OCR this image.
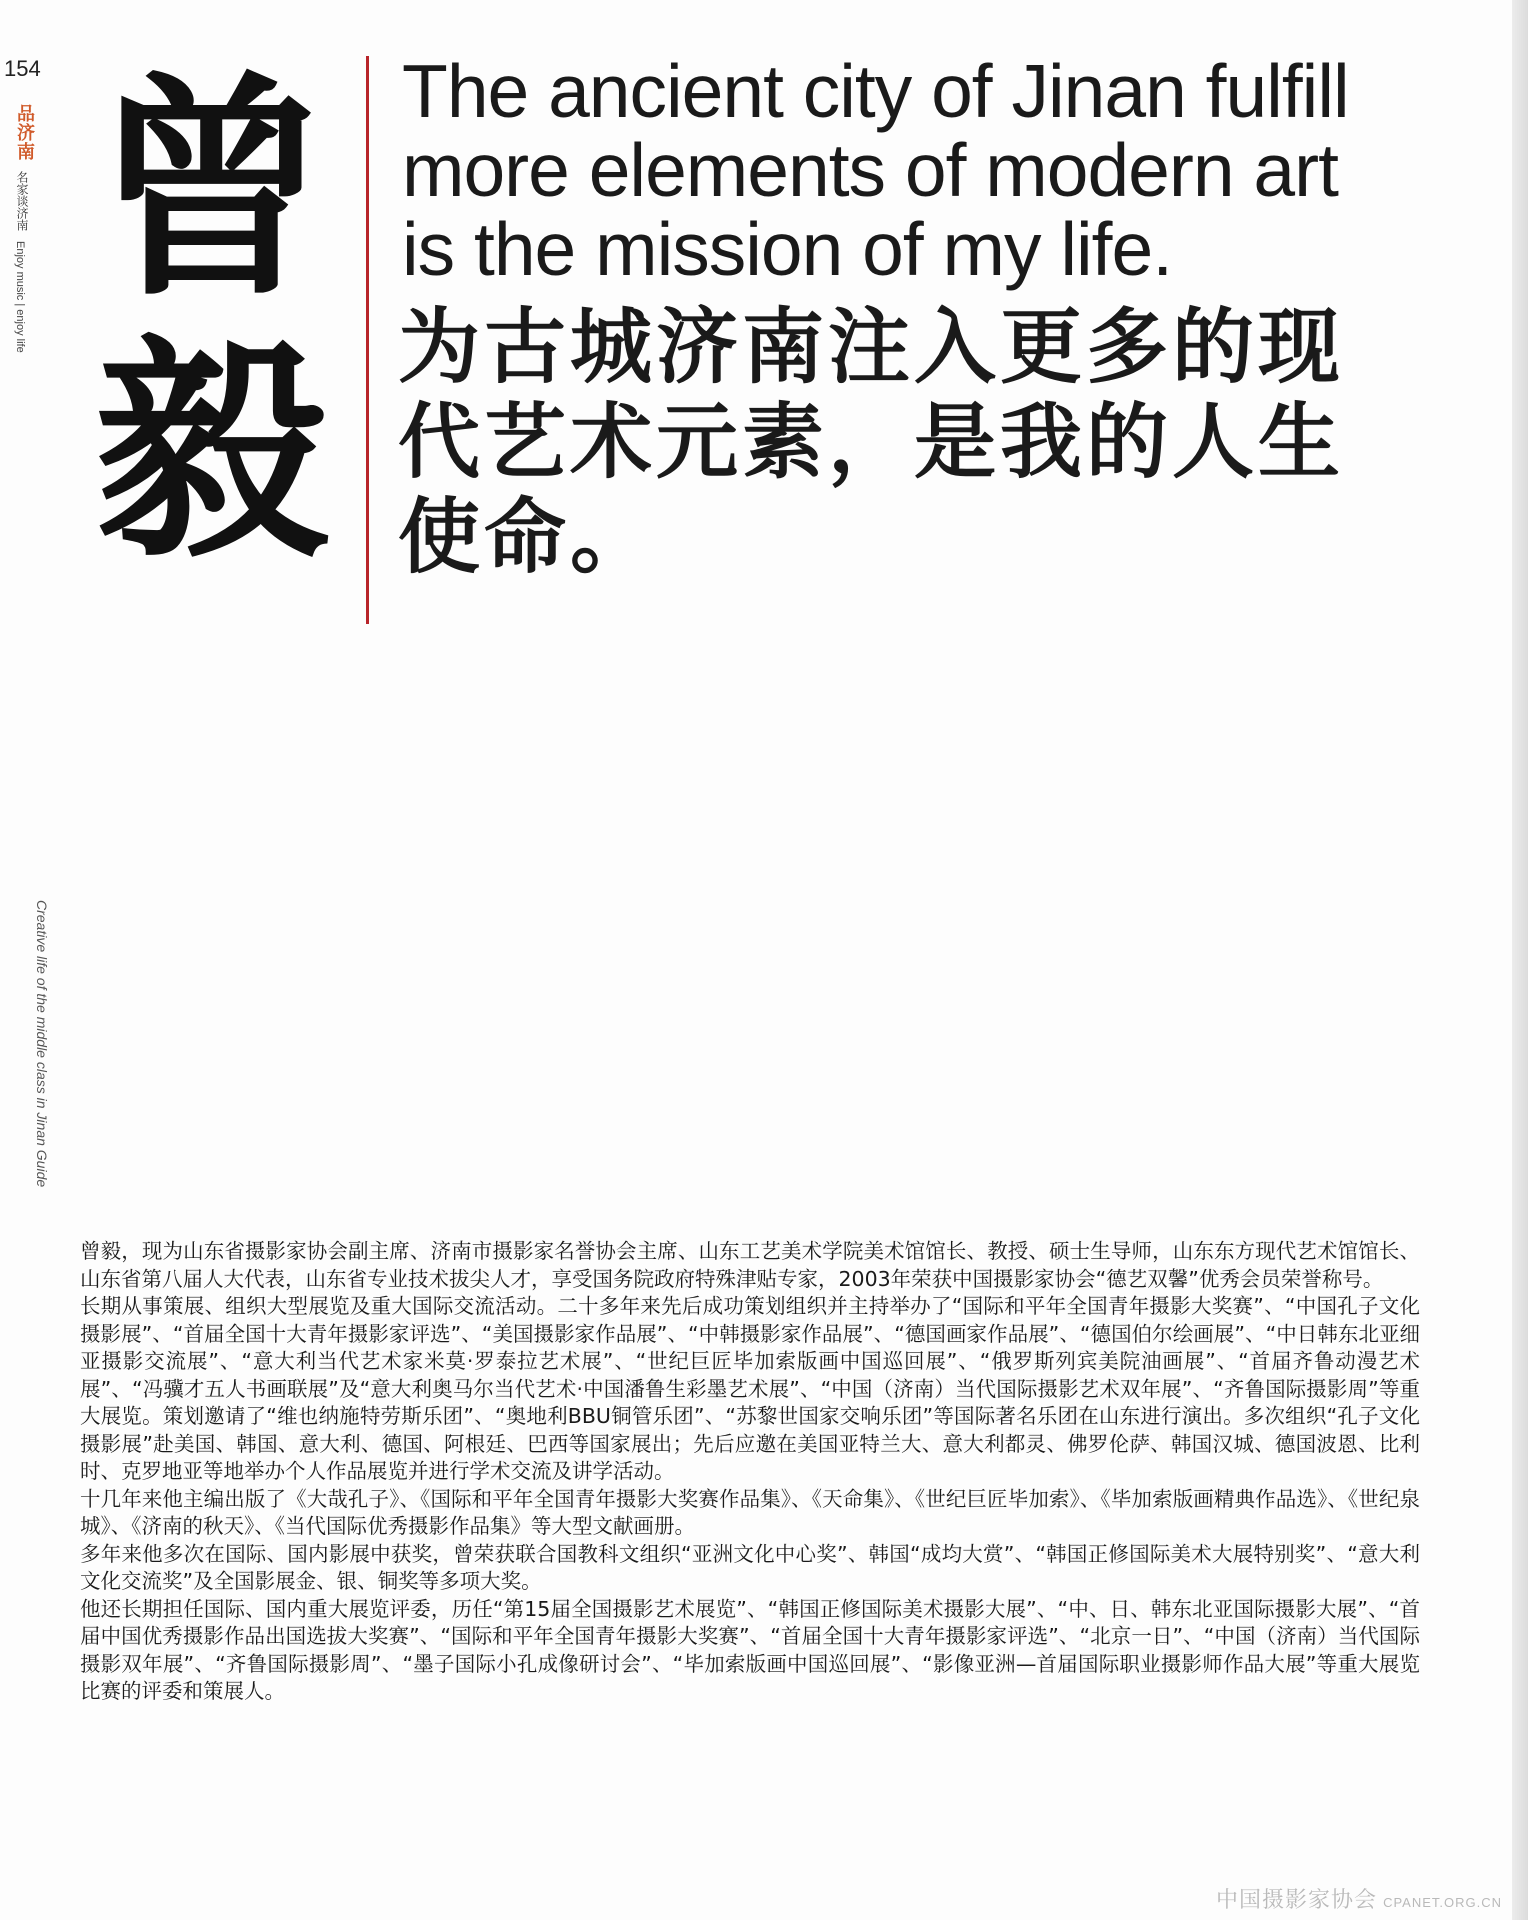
154
品济南
名家谈济南
Enjoy music | enjoy life
Creative life of the middle class in Jinan Guide
曾
毅

The ancient city of Jinan fulfill more elements of modern art is the mission of my life.

为古城济南注入更多的现代艺术元素，是我的人生使命。

曾毅，现为山东省摄影家协会副主席、济南市摄影家名誉协会主席、山东工艺美术学院美术馆馆长、教授、硕士生导师，山东东方现代艺术馆馆长、山东省第八届人大代表，山东省专业技术拔尖人才，享受国务院政府特殊津贴专家，2003年荣获中国摄影家协会“德艺双馨”优秀会员荣誉称号。

长期从事策展、组织大型展览及重大国际交流活动。二十多年来先后成功策划组织并主持举办了“国际和平年全国青年摄影大奖赛”、“中国孔子文化摄影展”、“首届全国十大青年摄影家评选”、“美国摄影家作品展”、“中韩摄影家作品展”、“德国画家作品展”、“德国伯尔绘画展”、“中日韩东北亚细亚摄影交流展”、“意大利当代艺术家米莫·罗泰拉艺术展”、“世纪巨匠毕加索版画中国巡回展”、“俄罗斯列宾美院油画展”、“首届齐鲁动漫艺术展”、“冯骥才五人书画联展”及“意大利奥马尔当代艺术·中国潘鲁生彩墨艺术展”、“中国（济南）当代国际摄影艺术双年展”、“齐鲁国际摄影周”等重大展览。策划邀请了“维也纳施特劳斯乐团”、“奥地利BBU铜管乐团”、“苏黎世国家交响乐团”等国际著名乐团在山东进行演出。多次组织“孔子文化摄影展”赴美国、韩国、意大利、德国、阿根廷、巴西等国家展出；先后应邀在美国亚特兰大、意大利都灵、佛罗伦萨、韩国汉城、德国波恩、比利时、克罗地亚等地举办个人作品展览并进行学术交流及讲学活动。

十几年来他主编出版了《大哉孔子》、《国际和平年全国青年摄影大奖赛作品集》、《天命集》、《世纪巨匠毕加索》、《毕加索版画精典作品选》、《世纪泉城》、《济南的秋天》、《当代国际优秀摄影作品集》等大型文献画册。

多年来他多次在国际、国内影展中获奖，曾荣获联合国教科文组织“亚洲文化中心奖”、韩国“成均大赏”、“韩国正修国际美术大展特别奖”、“意大利文化交流奖”及全国影展金、银、铜奖等多项大奖。

他还长期担任国际、国内重大展览评委，历任“第15届全国摄影艺术展览”、“韩国正修国际美术摄影大展”、“中、日、韩东北亚国际摄影大展”、“首届中国优秀摄影作品出国选拔大奖赛”、“国际和平年全国青年摄影大奖赛”、“首届全国十大青年摄影家评选”、“北京一日”、“中国（济南）当代国际摄影双年展”、“齐鲁国际摄影周”、“墨子国际小孔成像研讨会”、“毕加索版画中国巡回展”、“影像亚洲—首届国际职业摄影师作品大展”等重大展览比赛的评委和策展人。

中国摄影家协会 CPANET.ORG.CN
